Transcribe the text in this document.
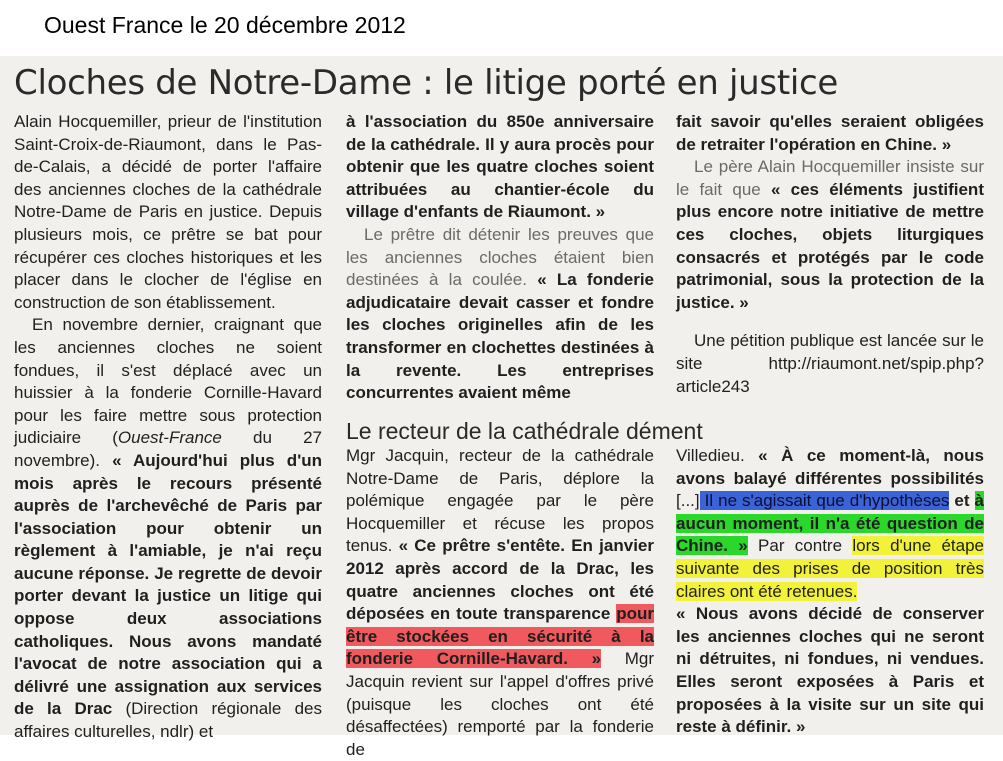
Ouest France le 20 décembre 2012
Cloches de Notre-Dame : le litige porté en justice

Alain Hocquemiller, prieur de l'institution Saint-Croix-de-Riaumont, dans le Pas-de-Calais, a décidé de porter l'affaire des anciennes cloches de la cathédrale Notre-Dame de Paris en justice. Depuis plusieurs mois, ce prêtre se bat pour récupérer ces cloches historiques et les placer dans le clocher de l'église en construction de son établissement.

En novembre dernier, craignant que les anciennes cloches ne soient fondues, il s'est déplacé avec un huissier à la fonderie Cornille-Havard pour les faire mettre sous protection judiciaire (Ouest-France du 27 novembre). « Aujourd'hui plus d'un mois après le recours présenté auprès de l'archevêché de Paris par l'association pour obtenir un règlement à l'amiable, je n'ai reçu aucune réponse. Je regrette de devoir porter devant la justice un litige qui oppose deux associations catholiques. Nous avons mandaté l'avocat de notre association qui a délivré une assignation aux services de la Drac (Direction régionale des affaires culturelles, ndlr) et

à l'association du 850e anniversaire de la cathédrale. Il y aura procès pour obtenir que les quatre cloches soient attribuées au chantier-école du village d'enfants de Riaumont. »

Le prêtre dit détenir les preuves que les anciennes cloches étaient bien destinées à la coulée. « La fonderie adjudicataire devait casser et fondre les cloches originelles afin de les transformer en clochettes destinées à la revente. Les entreprises concurrentes avaient même

fait savoir qu'elles seraient obligées de retraiter l'opération en Chine. »

Le père Alain Hocquemiller insiste sur le fait que « ces éléments justifient plus encore notre initiative de mettre ces cloches, objets liturgiques consacrés et protégés par le code patrimonial, sous la protection de la justice. »

Une pétition publique est lancée sur le site http://riaumont.net/spip.php?article243

Le recteur de la cathédrale dément

Mgr Jacquin, recteur de la cathédrale Notre-Dame de Paris, déplore la polémique engagée par le père Hocquemiller et récuse les propos tenus. « Ce prêtre s'entête. En janvier 2012 après accord de la Drac, les quatre anciennes cloches ont été déposées en toute transparence pour être stockées en sécurité à la fonderie Cornille-Havard. » Mgr Jacquin revient sur l'appel d'offres privé (puisque les cloches ont été désaffectées) remporté par la fonderie de

Villedieu. « À ce moment-là, nous avons balayé différentes possibilités [...] Il ne s'agissait que d'hypothèses et à aucun moment, il n'a été question de Chine. » Par contre lors d'une étape suivante des prises de position très claires ont été retenues.

« Nous avons décidé de conserver les anciennes cloches qui ne seront ni détruites, ni fondues, ni vendues. Elles seront exposées à Paris et proposées à la visite sur un site qui reste à définir. »
